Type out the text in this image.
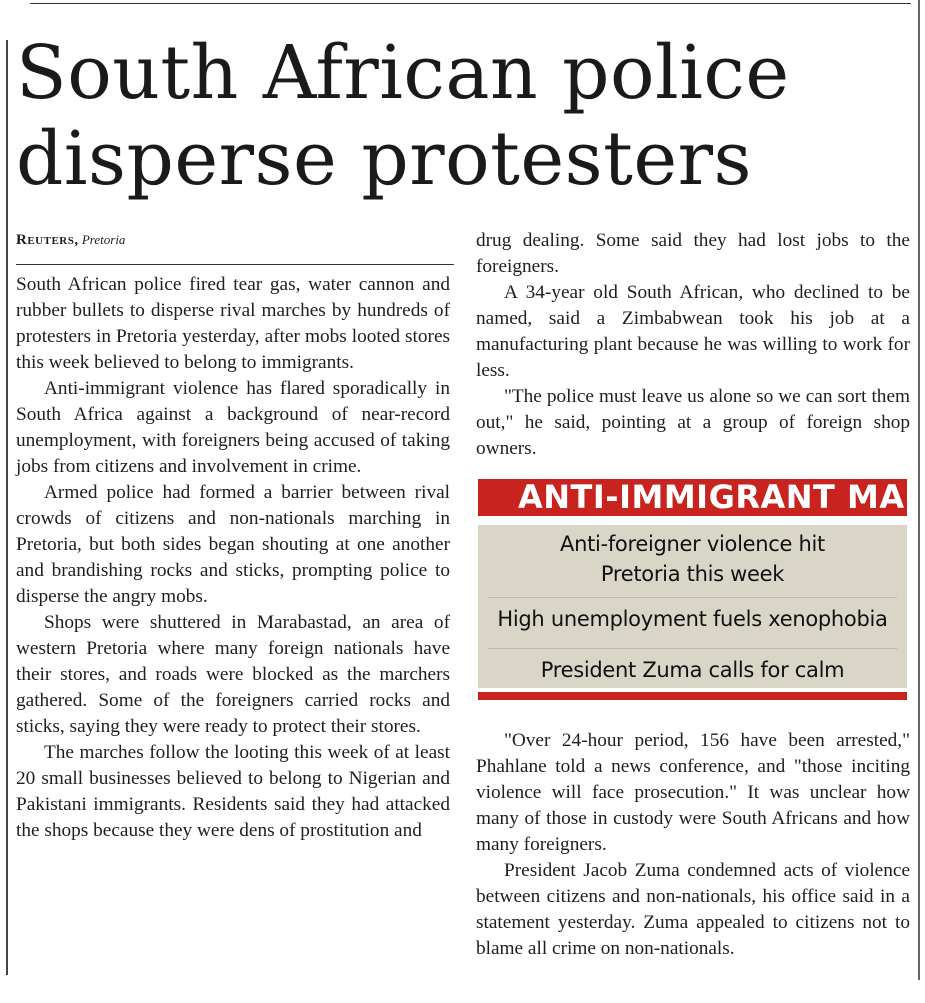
South African police disperse protesters
Reuters, Pretoria

South African police fired tear gas, water cannon and rubber bullets to disperse rival marches by hundreds of protesters in Pretoria yesterday, after mobs looted stores this week believed to belong to immigrants.

Anti-immigrant violence has flared sporadically in South Africa against a background of near-record unemployment, with foreigners being accused of taking jobs from citizens and involvement in crime.

Armed police had formed a barrier between rival crowds of citizens and non-nationals marching in Pretoria, but both sides began shouting at one another and brandishing rocks and sticks, prompting police to disperse the angry mobs.

Shops were shuttered in Marabastad, an area of western Pretoria where many foreign nationals have their stores, and roads were blocked as the marchers gathered. Some of the foreigners carried rocks and sticks, saying they were ready to protect their stores.

The marches follow the looting this week of at least 20 small businesses believed to belong to Nigerian and Pakistani immigrants. Residents said they had attacked the shops because they were dens of prostitution and

drug dealing. Some said they had lost jobs to the foreigners.

A 34-year old South African, who declined to be named, said a Zimbabwean took his job at a manufacturing plant because he was willing to work for less.

"The police must leave us alone so we can sort them out," he said, pointing at a group of foreign shop owners.

ANTI-IMMIGRANT MA
Anti-foreigner violence hit
Pretoria this week
High unemployment fuels xenophobia
President Zuma calls for calm

"Over 24-hour period, 156 have been arrested," Phahlane told a news conference, and "those inciting violence will face prosecution." It was unclear how many of those in custody were South Africans and how many foreigners.

President Jacob Zuma condemned acts of violence between citizens and non-nationals, his office said in a statement yesterday. Zuma appealed to citizens not to blame all crime on non-nationals.
